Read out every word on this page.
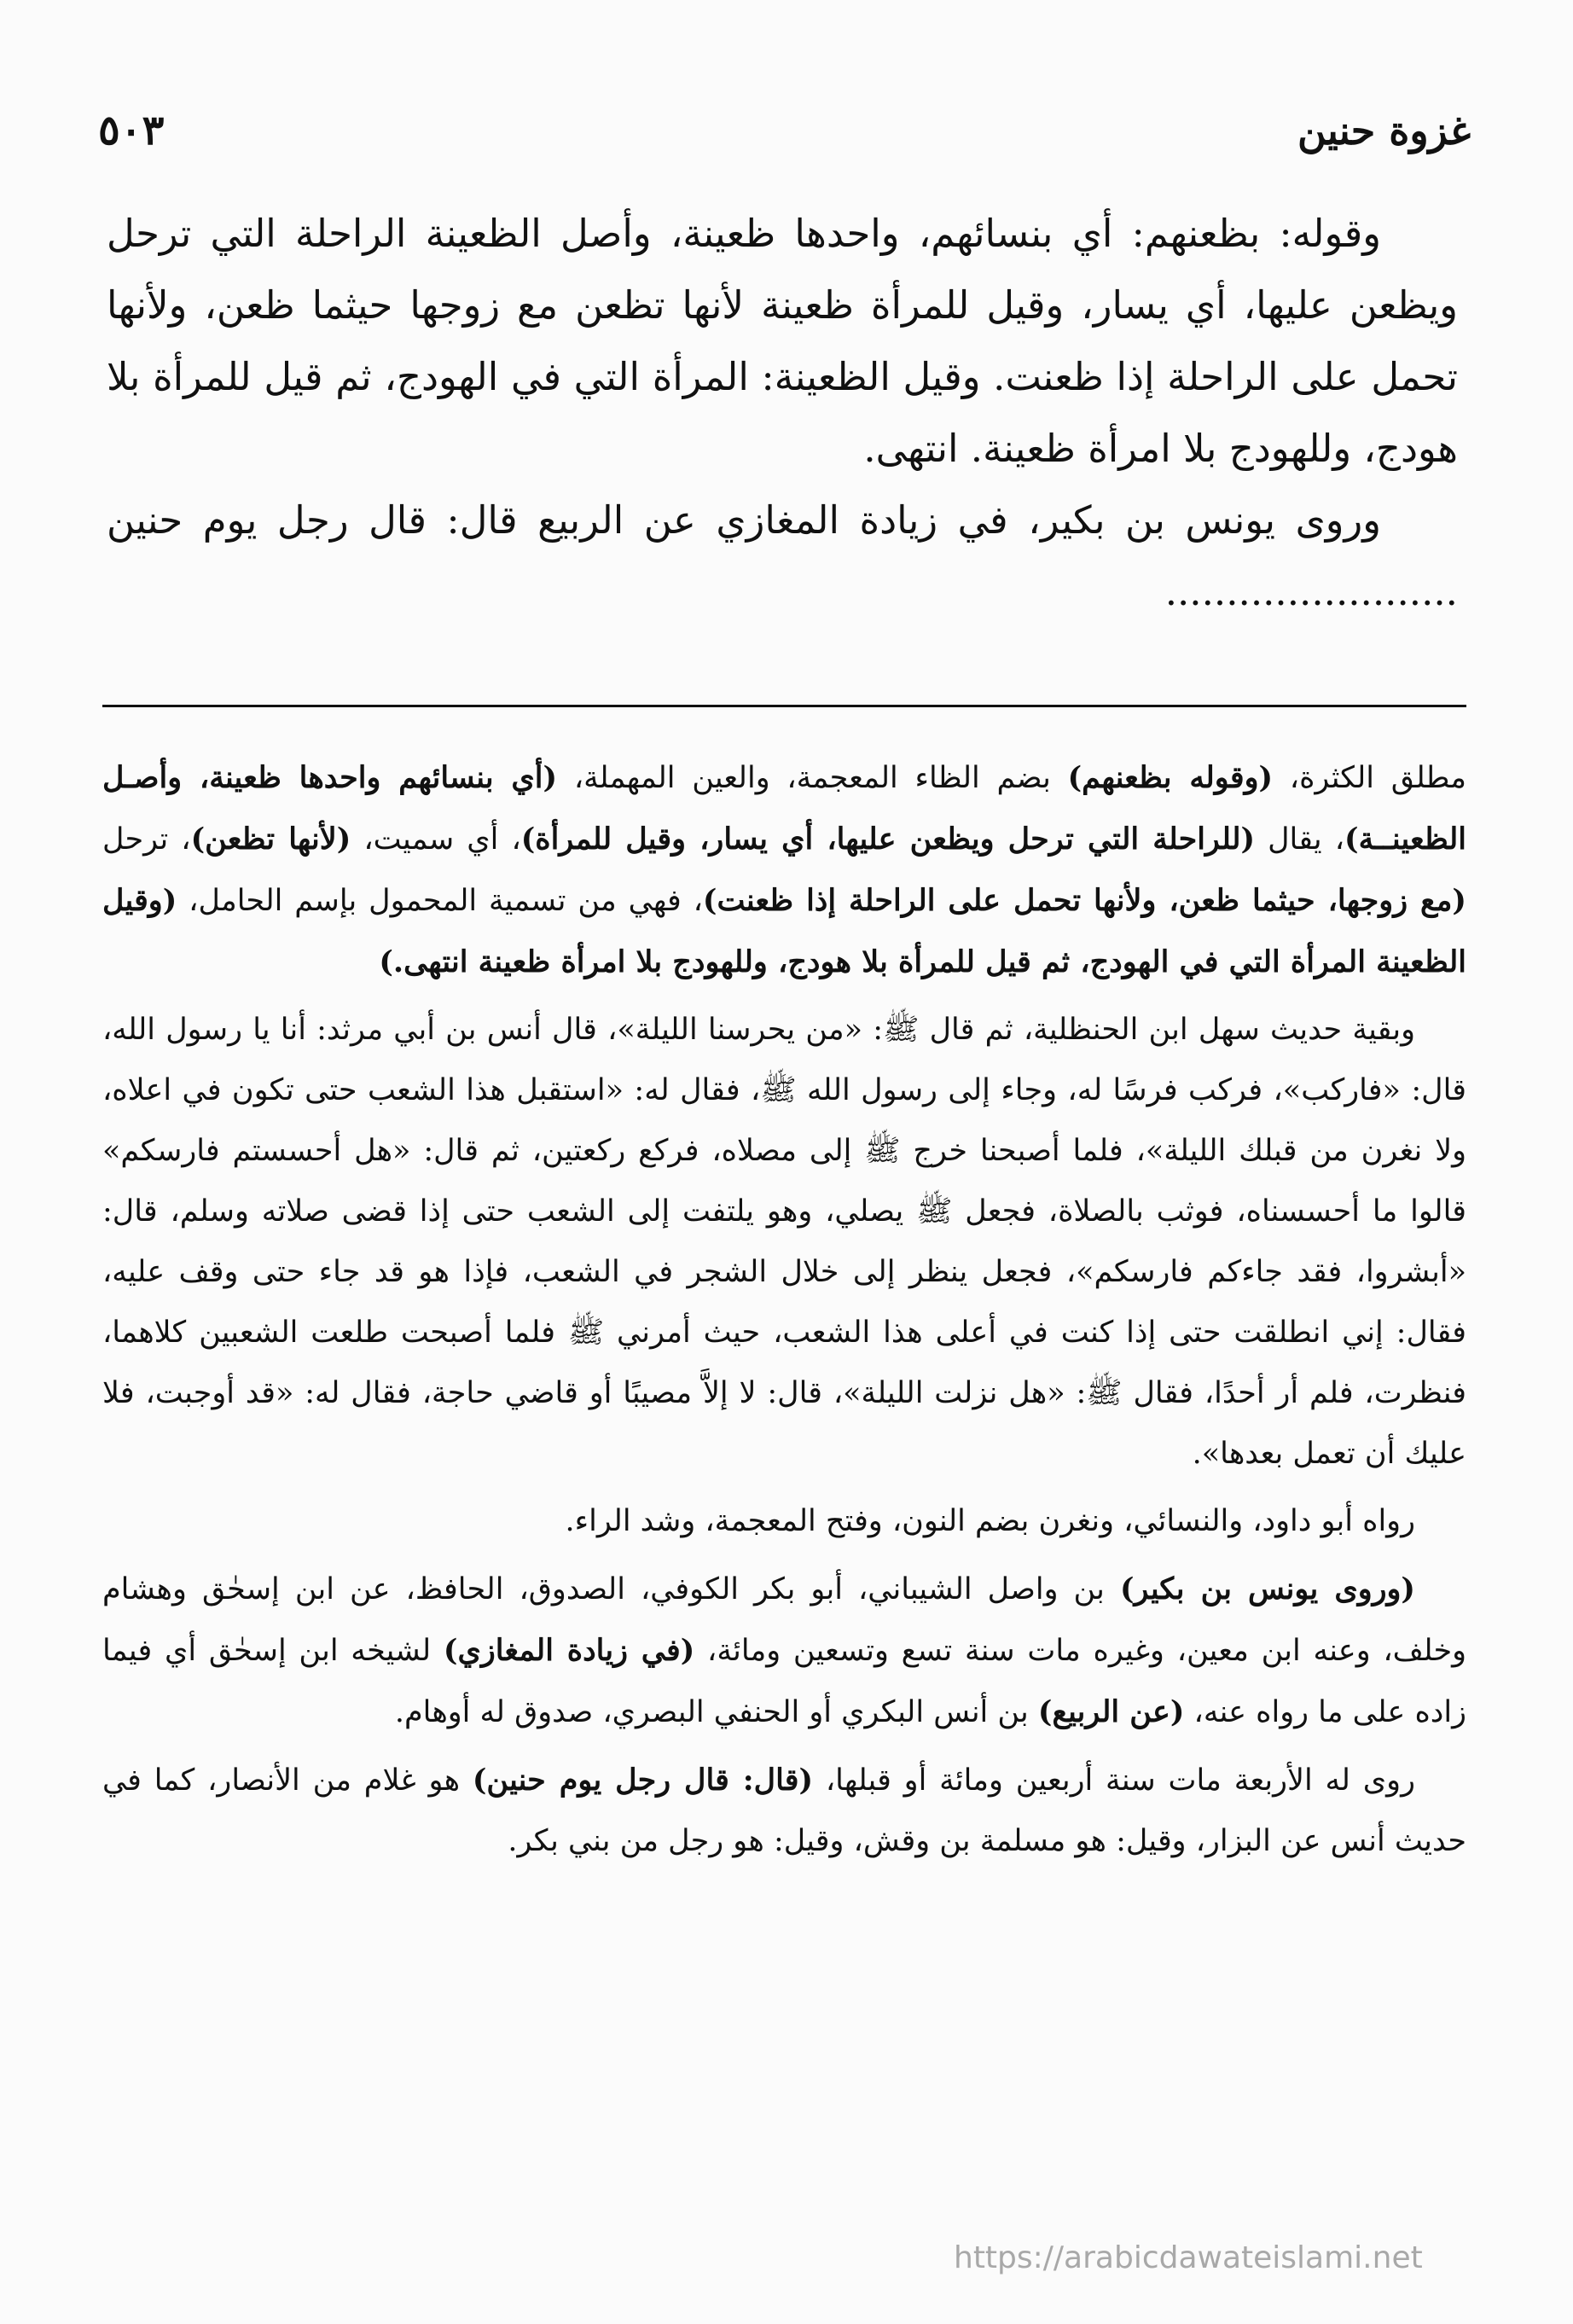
غزوة حنين
٥٠٣

وقوله: بظعنهم: أي بنسائهم، واحدها ظعينة، وأصل الظعينة الراحلة التي ترحل ويظعن عليها، أي يسار، وقيل للمرأة ظعينة لأنها تظعن مع زوجها حيثما ظعن، ولأنها تحمل على الراحلة إذا ظعنت. وقيل الظعينة: المرأة التي في الهودج، ثم قيل للمرأة بلا هودج، وللهودج بلا امرأة ظعينة. انتهى.

وروى يونس بن بكير، في زيادة المغازي عن الربيع قال: قال رجل يوم حنين ........................

مطلق الكثرة، (وقوله بظعنهم) بضم الظاء المعجمة، والعين المهملة، (أي بنسائهم واحدها ظعينة، وأصـل الظعينــة)، يقال (للراحلة التي ترحل ويظعن عليها، أي يسار، وقيل للمرأة)، أي سميت، (لأنها تظعن)، ترحل (مع زوجها، حيثما ظعن، ولأنها تحمل على الراحلة إذا ظعنت)، فهي من تسمية المحمول بإسم الحامل، (وقيل الظعينة المرأة التي في الهودج، ثم قيل للمرأة بلا هودج، وللهودج بلا امرأة ظعينة انتهى.)

وبقية حديث سهل ابن الحنظلية، ثم قال ﷺ: «من يحرسنا الليلة»، قال أنس بن أبي مرثد: أنا يا رسول الله، قال: «فاركب»، فركب فرسًا له، وجاء إلى رسول الله ﷺ، فقال له: «استقبل هذا الشعب حتى تكون في اعلاه، ولا نغرن من قبلك الليلة»، فلما أصبحنا خرج ﷺ إلى مصلاه، فركع ركعتين، ثم قال: «هل أحسستم فارسكم» قالوا ما أحسسناه، فوثب بالصلاة، فجعل ﷺ يصلي، وهو يلتفت إلى الشعب حتى إذا قضى صلاته وسلم، قال: «أبشروا، فقد جاءكم فارسكم»، فجعل ينظر إلى خلال الشجر في الشعب، فإذا هو قد جاء حتى وقف عليه، فقال: إني انطلقت حتى إذا كنت في أعلى هذا الشعب، حيث أمرني ﷺ فلما أصبحت طلعت الشعبين كلاهما، فنظرت، فلم أر أحدًا، فقال ﷺ: «هل نزلت الليلة»، قال: لا إلاَّ مصيبًا أو قاضي حاجة، فقال له: «قد أوجبت، فلا عليك أن تعمل بعدها».

رواه أبو داود، والنسائي، ونغرن بضم النون، وفتح المعجمة، وشد الراء.

(وروى يونس بن بكير) بن واصل الشيباني، أبو بكر الكوفي، الصدوق، الحافظ، عن ابن إسحٰق وهشام وخلف، وعنه ابن معين، وغيره مات سنة تسع وتسعين ومائة، (في زيادة المغازي) لشيخه ابن إسحٰق أي فيما زاده على ما رواه عنه، (عن الربيع) بن أنس البكري أو الحنفي البصري، صدوق له أوهام.

روى له الأربعة مات سنة أربعين ومائة أو قبلها، (قال: قال رجل يوم حنين) هو غلام من الأنصار، كما في حديث أنس عن البزار، وقيل: هو مسلمة بن وقش، وقيل: هو رجل من بني بكر.

https://arabicdawateislami.net
